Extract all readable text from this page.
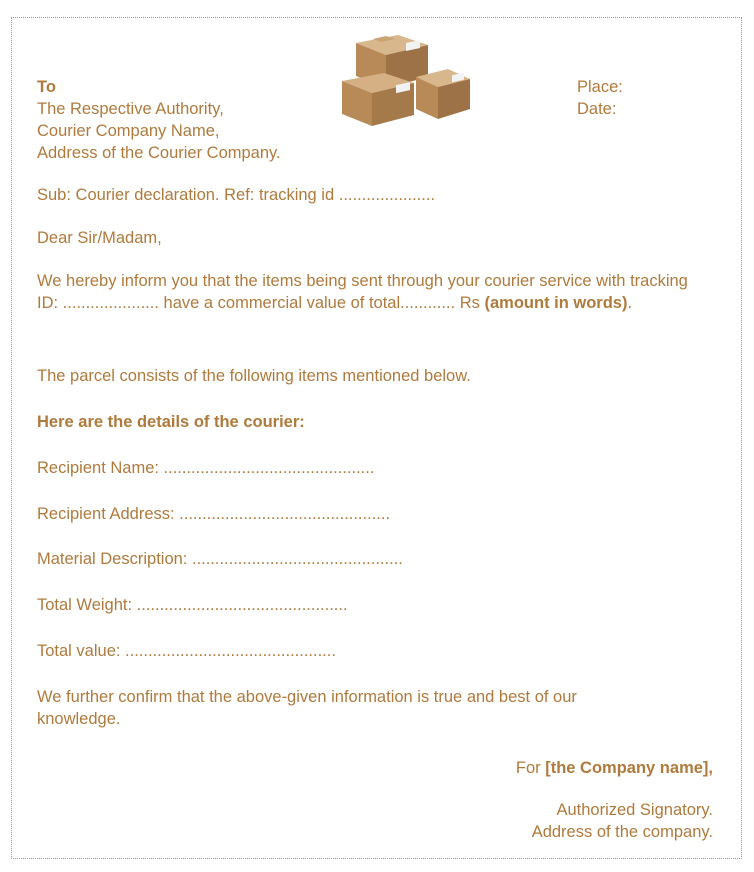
To

The Respective Authority,

Courier Company Name,

Address of the Courier Company.

Place:

Date:

Sub: Courier declaration. Ref: tracking id .....................

Dear Sir/Madam,

We hereby inform you that the items being sent through your courier service with tracking ID: ..................... have a commercial value of total............ Rs (amount in words).

The parcel consists of the following items mentioned below.

Here are the details of the courier:

Recipient Name: ..............................................

Recipient Address: ..............................................

Material Description: ..............................................

Total Weight: ..............................................

Total value: ..............................................

We further confirm that the above-given information is true and best of our knowledge.

For [the Company name],

Authorized Signatory.

Address of the company.
